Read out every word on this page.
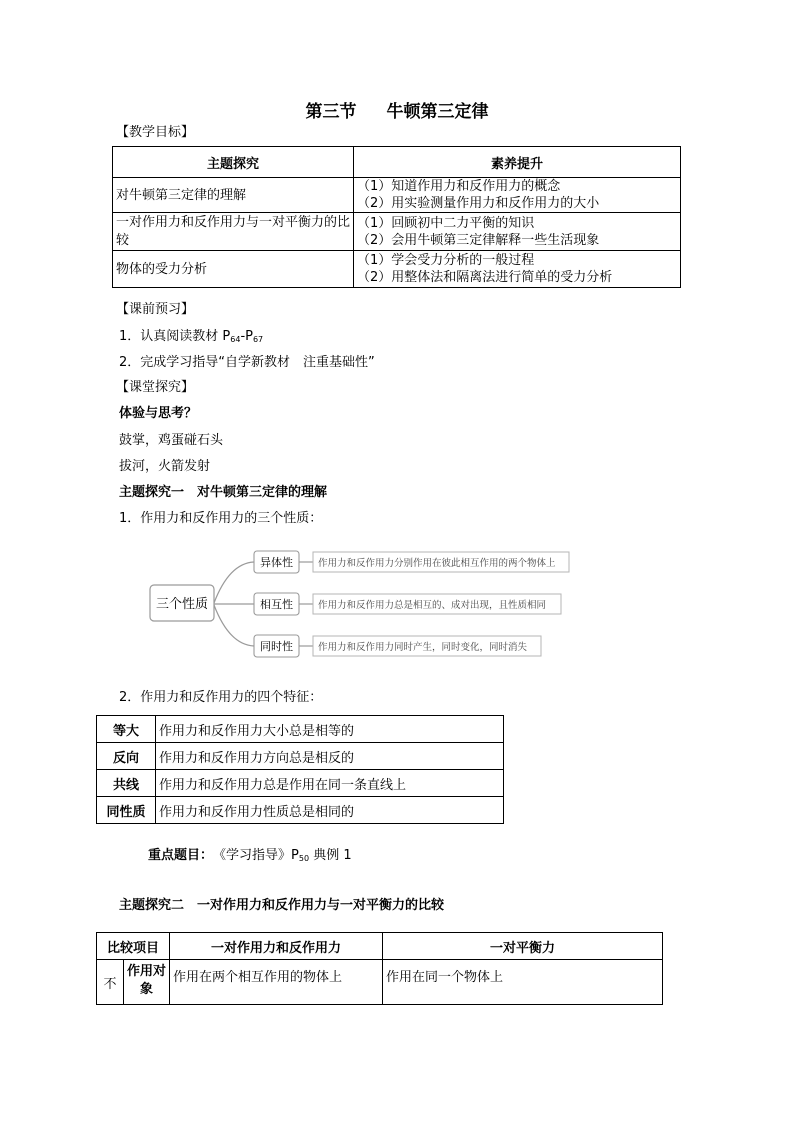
第三节 牛顿第三定律
【教学目标】
主题探究	素养提升
对牛顿第三定律的理解	（1）知道作用力和反作用力的概念
（2）用实验测量作用力和反作用力的大小

一对作用力和反作用力与一对平衡力的比较	（1）回顾初中二力平衡的知识
（2）会用牛顿第三定律解释一些生活现象

物体的受力分析	（1）学会受力分析的一般过程
（2）用整体法和隔离法进行简单的受力分析
【课前预习】
1．认真阅读教材 $P_{64}-P_{67}$
2．完成学习指导“自学新教材　注重基础性”
【课堂探究】
体验与思考？
鼓掌，鸡蛋碰石头
拔河，火箭发射
主题探究一　对牛顿第三定律的理解
1．作用力和反作用力的三个性质：
三个性质
异体性	作用力和反作用力分别作用在彼此相互作用的两个物体上
相互性	作用力和反作用力总是相互的、成对出现，且性质相同
同时性	作用力和反作用力同时产生，同时变化，同时消失
2．作用力和反作用力的四个特征：
等大	作用力和反作用力大小总是相等的
反向	作用力和反作用力方向总是相反的
共线	作用力和反作用力总是作用在同一条直线上
同性质	作用力和反作用力性质总是相同的
重点题目：　 《学习指导》$P_{50}$ 典例 1
主题探究二　一对作用力和反作用力与一对平衡力的比较
比较项目		一对作用力和反作用力	一对平衡力
不	作用对象	作用在两个相互作用的物体上	作用在同一个物体上
